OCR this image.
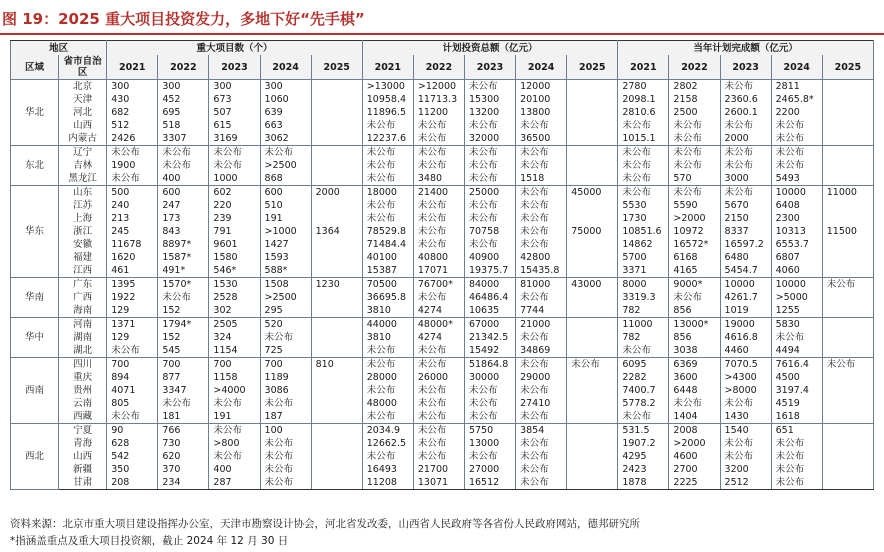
图 19：2025 重大项目投资发力，多地下好“先手棋”
地区		重大项目数（个）					计划投资总额（亿元）					当年计划完成额（亿元）				
区域	省市自治区	2021	2022	2023	2024	2025	2021	2022	2023	2024	2025	2021	2022	2023	2024	2025
华北	北京	300	300	300	300		>13000	>12000	未公布	12000		2780	2802	未公布	2811	
	天津	430	452	673	1060		10958.4	11713.3	15300	20100		2098.1	2158	2360.6	2465.8*	
	河北	682	695	507	639		11896.5	11200	13200	13800		2810.6	2500	2600.1	2200	
	山西	512	518	615	663		未公布	未公布	未公布	未公布		未公布	未公布	未公布	未公布	
	内蒙古	2426	3307	3169	3062		12237.6	未公布	32000	36500		1015.1	未公布	2000	未公布	
东北	辽宁	未公布	未公布	未公布	未公布		未公布	未公布	未公布	未公布		未公布	未公布	未公布	未公布	
	吉林	1900	未公布	未公布	>2500		未公布	未公布	未公布	未公布		未公布	未公布	未公布	未公布	
	黑龙江	未公布	400	1000	868		未公布	3480	未公布	1518		未公布	570	3000	5493	
华东	山东	500	600	602	600	2000	18000	21400	25000	未公布	45000	未公布	未公布	未公布	10000	11000
	江苏	240	247	220	510		未公布	未公布	未公布	未公布		5530	5590	5670	6408	
	上海	213	173	239	191		未公布	未公布	未公布	未公布		1730	>2000	2150	2300	
	浙江	245	843	791	>1000	1364	78529.8	未公布	70758	未公布	75000	10851.6	10972	8337	10313	11500
	安徽	11678	8897*	9601	1427		71484.4	未公布	未公布	未公布		14862	16572*	16597.2	6553.7	
	福建	1620	1587*	1580	1593		40100	40800	40900	42800		5700	6168	6480	6807	
	江西	461	491*	546*	588*		15387	17071	19375.7	15435.8		3371	4165	5454.7	4060	
华南	广东	1395	1570*	1530	1508	1230	70500	76700*	84000	81000	43000	8000	9000*	10000	10000	未公布
	广西	1922	未公布	2528	>2500		36695.8	未公布	46486.4	未公布		3319.3	未公布	4261.7	>5000	
	海南	129	152	302	295		3810	4274	10635	7744		782	856	1019	1255	
华中	河南	1371	1794*	2505	520		44000	48000*	67000	21000		11000	13000*	19000	5830	
	湖南	129	152	324	未公布		3810	4274	21342.5	未公布		782	856	4616.8	未公布	
	湖北	未公布	545	1154	725		未公布	未公布	15492	34869		未公布	3038	4460	4494	
西南	四川	700	700	700	700	810	未公布	未公布	51864.8	未公布	未公布	6095	6369	7070.5	7616.4	未公布
	重庆	894	877	1158	1189		28000	26000	30000	29000		2282	3600	>4300	4500	
	贵州	4071	3347	>4000	3086		未公布	未公布	未公布	未公布		7400.7	6448	>8000	3197.4	
	云南	805	未公布	未公布	未公布		48000	未公布	未公布	27410		5778.2	未公布	未公布	4519	
	西藏	未公布	181	191	187		未公布	未公布	未公布	未公布		未公布	1404	1430	1618	
西北	宁夏	90	766	未公布	100		2034.9	未公布	5750	3854		531.5	2008	1540	651	
	青海	628	730	>800	未公布		12662.5	未公布	13000	未公布		1907.2	>2000	未公布	未公布	
	山西	542	620	未公布	未公布		未公布	未公布	未公布	未公布		4295	4600	未公布	未公布	
	新疆	350	370	400	未公布		16493	21700	27000	未公布		2423	2700	3200	未公布	
	甘肃	208	234	287	未公布		11208	13071	16512	未公布		1878	2225	2512	未公布	
资料来源：北京市重大项目建设指挥办公室，天津市勘察设计协会，河北省发改委，山西省人民政府等各省份人民政府网站，德邦研究所
*指涵盖重点及重大项目投资额，截止 2024 年 12 月 30 日
